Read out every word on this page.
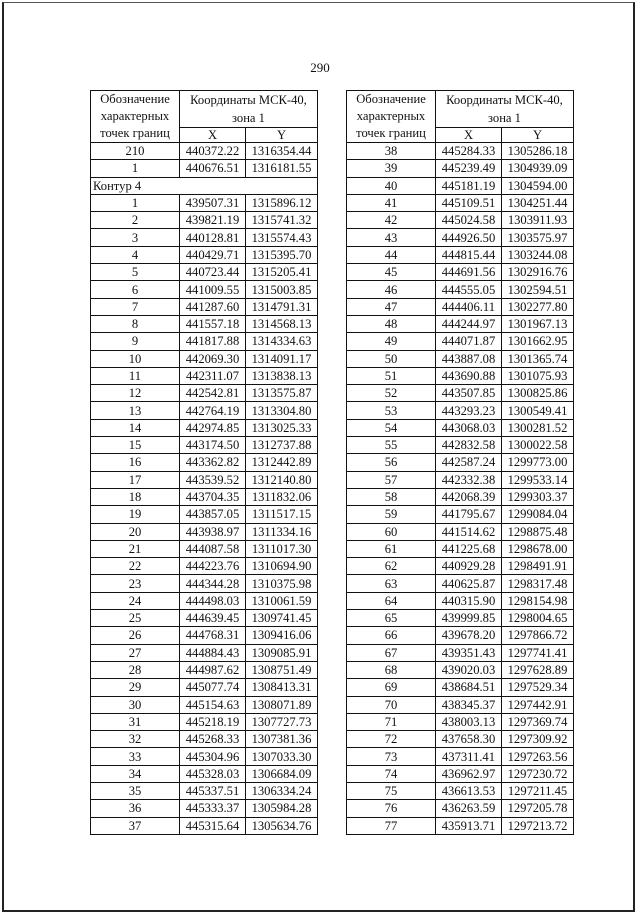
290
Обозначение
характерных
точек границ	Координаты МСК-40,
зона 1	

	X	Y
210	440372.22	1316354.44
1	440676.51	1316181.55
Контур 4		
1	439507.31	1315896.12
2	439821.19	1315741.32
3	440128.81	1315574.43
4	440429.71	1315395.70
5	440723.44	1315205.41
6	441009.55	1315003.85
7	441287.60	1314791.31
8	441557.18	1314568.13
9	441817.88	1314334.63
10	442069.30	1314091.17
11	442311.07	1313838.13
12	442542.81	1313575.87
13	442764.19	1313304.80
14	442974.85	1313025.33
15	443174.50	1312737.88
16	443362.82	1312442.89
17	443539.52	1312140.80
18	443704.35	1311832.06
19	443857.05	1311517.15
20	443938.97	1311334.16
21	444087.58	1311017.30
22	444223.76	1310694.90
23	444344.28	1310375.98
24	444498.03	1310061.59
25	444639.45	1309741.45
26	444768.31	1309416.06
27	444884.43	1309085.91
28	444987.62	1308751.49
29	445077.74	1308413.31
30	445154.63	1308071.89
31	445218.19	1307727.73
32	445268.33	1307381.36
33	445304.96	1307033.30
34	445328.03	1306684.09
35	445337.51	1306334.24
36	445333.37	1305984.28
37	445315.64	1305634.76
Обозначение
характерных
точек границ	Координаты МСК-40,
зона 1	

	X	Y
38	445284.33	1305286.18
39	445239.49	1304939.09
40	445181.19	1304594.00
41	445109.51	1304251.44
42	445024.58	1303911.93
43	444926.50	1303575.97
44	444815.44	1303244.08
45	444691.56	1302916.76
46	444555.05	1302594.51
47	444406.11	1302277.80
48	444244.97	1301967.13
49	444071.87	1301662.95
50	443887.08	1301365.74
51	443690.88	1301075.93
52	443507.85	1300825.86
53	443293.23	1300549.41
54	443068.03	1300281.52
55	442832.58	1300022.58
56	442587.24	1299773.00
57	442332.38	1299533.14
58	442068.39	1299303.37
59	441795.67	1299084.04
60	441514.62	1298875.48
61	441225.68	1298678.00
62	440929.28	1298491.91
63	440625.87	1298317.48
64	440315.90	1298154.98
65	439999.85	1298004.65
66	439678.20	1297866.72
67	439351.43	1297741.41
68	439020.03	1297628.89
69	438684.51	1297529.34
70	438345.37	1297442.91
71	438003.13	1297369.74
72	437658.30	1297309.92
73	437311.41	1297263.56
74	436962.97	1297230.72
75	436613.53	1297211.45
76	436263.59	1297205.78
77	435913.71	1297213.72
